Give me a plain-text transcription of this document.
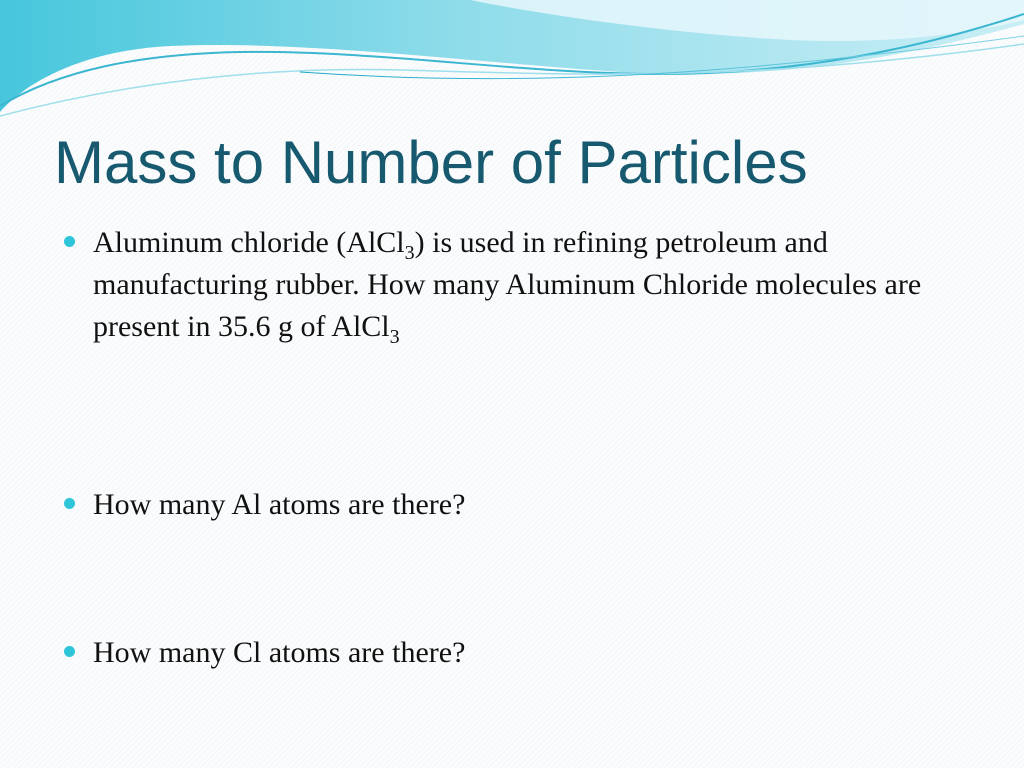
Mass to Number of Particles
Aluminum chloride (AlCl$_3$) is used in refining petroleum and manufacturing rubber. How many Aluminum Chloride molecules are present in 35.6 g of AlCl$_3$
How many Al atoms are there?
How many Cl atoms are there?
